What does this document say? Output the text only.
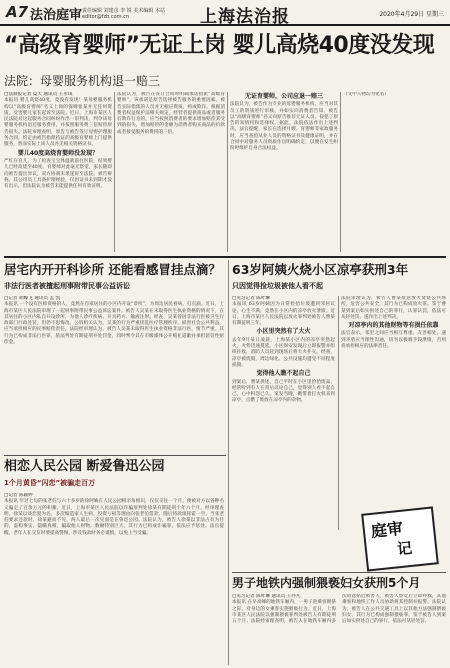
A7 法治庭审 责任编辑 刘建彦 李 锐 美术编辑 本站 editor@fzb.com.cn	上海法治报	2020年4月29日 星期三
“高级育婴师”无证上岗 婴儿高烧40度没发现
法院：母婴服务机构退一赔三
□法制报记者 夏天 通讯员 王永琪
本报讯 婴儿高烧40度，竟没有发现！某母婴服务机构以“高级育婴师”名义上岗的保姆张某并无任何资质。受害婴儿家长起诉至法院。近日，上海市某区人民法院对这起服务合同纠纷作出一审判决，判令该母婴服务机构退还服务费用，并按照服务费三倍赔偿原告损失。法院审理查明，原告与被告签订母婴护理服务合同，约定由被告指派持证的高级育婴师上门提供服务，然而实际上岗人员并无相关资格证书。
婴儿40度高烧育婴师没发现？
严红在育儿、为了检查宝宝体温就前往医院，结果婴儿已经高烧至40度。育婴师对此毫无察觉，家长随即向被告提出异议，双方协商未果遂诉至法院。被告辩称，其公司员工具备护理经验，仅因证书未到期才没有出示，但法院认为被告未能提供任何有效证明。
法院认为，被告在签订合同时明确承诺指派“高级育婴师”，该承诺是原告选择被告服务的重要因素。被告实际指派的人员并无相应资质，构成欺诈。根据消费者权益保护法相关规定，经营者提供商品或者服务有欺诈行为的，应当按照消费者的要求增加赔偿其受到的损失，增加赔偿的金额为消费者购买商品的价款或者接受服务的费用的三倍。
无证育婴师，公司应退一赔三
法院认为，被告作为专业的母婴服务机构，应当对其员工的资质进行审核，并如实向消费者告知。被告以“高级育婴师”名义向原告推荐无证人员，侵犯了原告的知情权和选择权。据此，法院依法作出上述判决。法官提醒，家长在选择月嫂、育婴师等家政服务时，应当查验从业人员的资格证书及健康证明，并在合同中对服务人员资质作出明确约定，以便在发生纠纷时维护自身合法权益。
（文中人物均为化名）
居宅内开开科诊所 还能看感冒挂点滴？
非法行医者被擅起刑事附带民事公益诉讼
□记者 胡蝶飞 通讯员 孟 凯
本报讯 一个没有医师资格的人，竟然在自家居住的小区内开设“诊所”，为周边居民看病、打点滴。近日，上海市某区人民法院审理了一起刑事附带民事公益诉讼案件。被告人吴某在未取得医生执业资格的情况下，在其居住的小区内私自开设诊所，为他人诊疗疾病、开具药方、输液注射。经查，吴某曾因非法行医被卫生行政部门行政处罚，但仍不思悔改。公诉机关认为，吴某的行为严重扰乱医疗管理秩序，损害社会公共利益，应当承担相应的民事赔偿责任。法院经审理认为，被告人吴某未取得医生执业资格非法行医，情节严重，其行为已构成非法行医罪，依法判处有期徒刑并处罚金，同时判令其在市级媒体公开赔礼道歉并承担惩罚性赔偿金。
相恋人民公园 断爱鲁迅公园
1个月黄昏“闪恋”被骗走百万
□记者 陈颖婷
本报讯 年过七旬的张老伯与六十多岁的徐阿姨在人民公园相亲角相识，仅仅交往一个月，便被对方以各种名义骗走了百余万元的积蓄。近日，上海市某区人民法院以诈骗罪判处徐某有期徒刑十年六个月。经审理查明，徐某以谈恋爱为名，多次编造家人生病、投资亏损等理由向张老伯借款，随后将款项挥霍一空。当张老伯要求还款时，徐某避而不见，两人最后一次见面是在鲁迅公园。法院认为，被告人徐某以非法占有为目的，虚构事实、隐瞒真相，骗取他人财物，数额特别巨大，其行为已构成诈骗罪，依法应予惩处。法官提醒，老年人在交友时要提高警惕，涉及钱款时务必谨慎，以免上当受骗。
63岁阿姨火烧小区凉亭获刑3年
只因觉得捡垃圾被他人看不起
□见习记者 陈叶琳
本报讯 63岁阿姨因为日常捡拾垃圾遭到邻居议论，心生不满，竟然在小区内的凉亭放火泄愤。近日，上海市某区人民法院以放火罪判处被告人曹某有期徒刑三年。
小区里突然有了大火
去年9月某日凌晨，上海某小区内的凉亭突然起火，火势迅速蔓延。小区保安发现后立即报警并组织扑救，消防人员赶到现场后将大火扑灭。经查，凉亭被烧毁，周边绿化、公共设施均遭受不同程度损毁。
觉得他人瞧不起自己
到案后，曹某供述，自己平时在小区里捡拾废品，经常听到有人在背后议论自己，觉得别人看不起自己，心中积怨已久。案发当晚，她带着打火机来到凉亭，点燃了堆放在凉亭内的杂物。
法院审理认为，被告人曹某故意放火焚烧公共场所，危害公共安全，其行为已构成放火罪。鉴于曹某到案后如实供述自己的罪行，认罪认罚，依法可从轻处罚，遂作出上述判决。
对凉亭内的其他财物等有损任依靠
法官表示，邻里之间应当相互尊重、友善相处，遇到矛盾应当理性沟通，切勿以极端手段泄愤，否则将承担相应的法律责任。
庭审
记
男子地铁内强制猥亵妇女获刑5个月
□见习记者 陈叶琳 通讯员 王亦凡
本报讯 在早高峰的地铁车厢内，一男子趁乘客拥挤之际，对身边的女乘客实施猥亵行为。近日，上海市某区人民法院以强制猥亵罪判处被告人有期徒刑五个月。法院经审理查明，被告人在地铁车厢内多次故意贴近被害人，被害人察觉后立即呼救，其他乘客和地铁工作人员协助将其控制并报警。法院认为，被告人在公共交通工具上以其他方法强制猥亵妇女，其行为已构成强制猥亵罪。鉴于被告人到案后如实供述自己的罪行，依法可从轻处罚。
